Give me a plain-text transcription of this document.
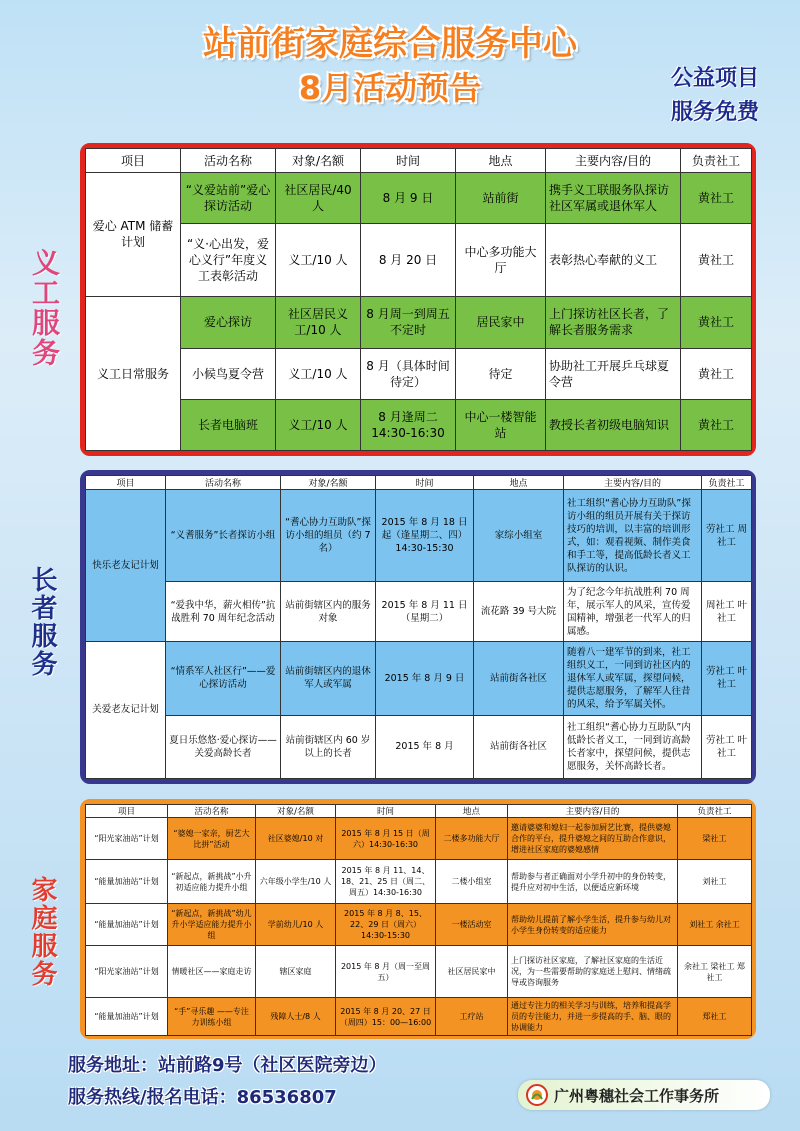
站前街家庭综合服务中心
8月活动预告	公益项目
服务免费
义工服务
长者服务
家庭服务
项目	活动名称	对象/名额	时间	地点	主要内容/目的	负责社工
爱心 ATM 储蓄计划	“义爱站前”爱心探访活动	社区居民/40 人	8 月 9 日	站前街	携手义工联服务队探访社区军属或退休军人	黄社工
	“义·心出发，爱心义行”年度义工表彰活动	义工/10 人	8 月 20 日	中心多功能大厅	表彰热心奉献的义工	黄社工
义工日常服务	爱心探访	社区居民义工/10 人	8 月周一到周五不定时	居民家中	上门探访社区长者，了解长者服务需求	黄社工
	小候鸟夏令营	义工/10 人	8 月（具体时间待定）	待定	协助社工开展乒乓球夏令营	黄社工
	长者电脑班	义工/10 人	8 月逢周二 14:30-16:30	中心一楼智能站	教授长者初级电脑知识	黄社工
项目	活动名称	对象/名额	时间	地点	主要内容/目的	负责社工
快乐老友记计划	“义耆服务”长者探访小组	“耆心协力互助队”探访小组的组员（约 7 名）	2015 年 8 月 18 日起（逢星期二、四）14:30-15:30	家综小组室	社工组织“耆心协力互助队”探访小组的组员开展有关于探访技巧的培训，以丰富的培训形式，如：观看视频、制作美食和手工等，提高低龄长者义工队探访的认识。	劳社工 周社工
	“爱我中华，薪火相传”抗战胜利 70 周年纪念活动	站前街辖区内的服务对象	2015 年 8 月 11 日（星期二）	流花路 39 号大院	为了纪念今年抗战胜利 70 周年，展示军人的风采，宣传爱国精神，增强老一代军人的归属感。	周社工 叶社工
关爱老友记计划	“情系军人社区行”——爱心探访活动	站前街辖区内的退休军人或军属	2015 年 8 月 9 日	站前街各社区	随着八一建军节的到来，社工组织义工，一同到访社区内的退休军人或军属，探望问候，提供志愿服务，了解军人往昔的风采，给予军属关怀。	劳社工 叶社工
	夏日乐悠悠·爱心探访——关爱高龄长者	站前街辖区内 60 岁以上的长者	2015 年 8 月	站前街各社区	社工组织“耆心协力互助队”内低龄长者义工，一同到访高龄长者家中，探望问候，提供志愿服务，关怀高龄长者。	劳社工 叶社工
项目	活动名称	对象/名额	时间	地点	主要内容/目的	负责社工
“阳光家油站”计划	“婆媳一家亲，厨艺大比拼”活动	社区婆媳/10 对	2015 年 8 月 15 日（周六）14:30-16:30	二楼多功能大厅	邀请婆婆和媳妇一起参加厨艺比赛，提供婆媳合作的平台，提升婆媳之间的互助合作意识，增进社区家庭的婆媳感情	梁社工
“能量加油站”计划	“新起点，新挑战”小升初适应能力提升小组	六年级小学生/10 人	2015 年 8 月 11、14、18、21、25 日（周二、周五）14:30-16:30	二楼小组室	帮助参与者正确面对小学升初中的身份转变，提升应对初中生活，以便适应新环境	刘社工
“能量加油站”计划	“新起点，新挑战”幼儿升小学适应能力提升小组	学前幼儿/10 人	2015 年 8 月 8、15、22、29 日（周六）14:30-15:30	一楼活动室	帮助幼儿提前了解小学生活，提升参与幼儿对小学生身份转变的适应能力	刘社工 余社工
“阳光家油站”计划	情暖社区——家庭走访	辖区家庭	2015 年 8 月（周一至周五）	社区居民家中	上门探访社区家庭，了解社区家庭的生活近况，为一些需要帮助的家庭送上慰问、情绪疏导或咨询服务	余社工 梁社工 郑社工
“能量加油站”计划	“手”寻乐趣 ——专注力训练小组	残障人士/8 人	2015 年 8 月 20、27 日（周四）15：00—16:00	工疗站	通过专注力的相关学习与训练，培养和提高学员的专注能力，并进一步提高的手、脑、眼的协调能力	郑社工
服务地址：站前路9号（社区医院旁边）
服务热线/报名电话：86536807	广州粤穗社会工作事务所
